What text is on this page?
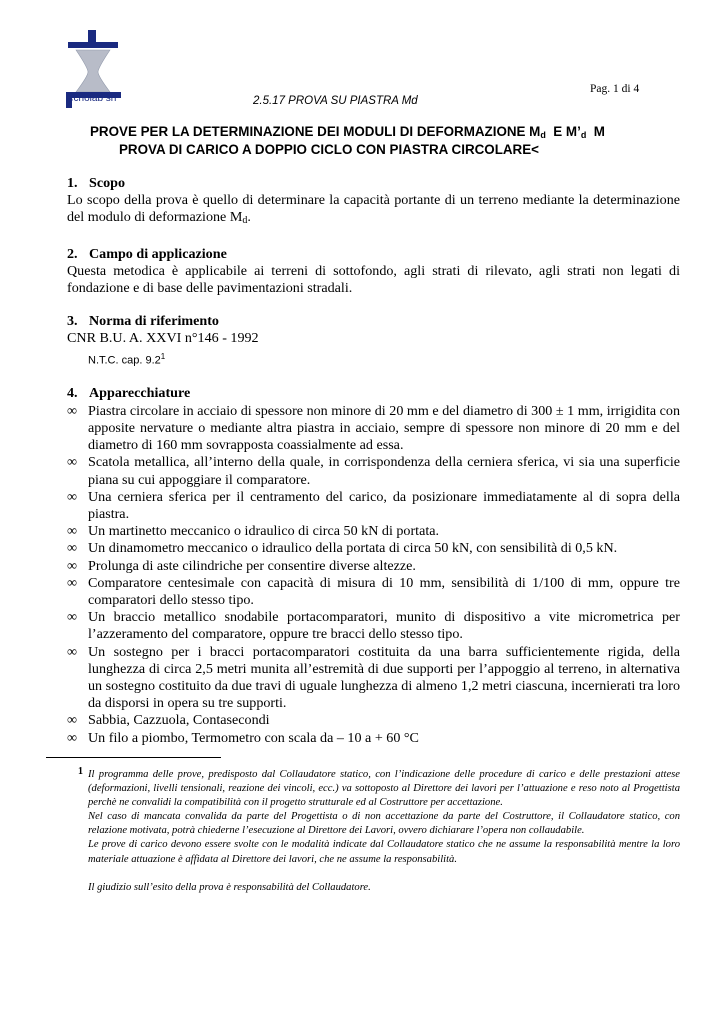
ecnolab srl
Pag. 1 di 4
2.5.17 PROVA SU PIASTRA Md
PROVE PER LA DETERMINAZIONE DEI MODULI DI DEFORMAZIONE $M_d$  E $M’_d$  M
PROVA DI CARICO A DOPPIO CICLO CON PIASTRA CIRCOLARE<
1. Scopo
Lo scopo della prova è quello di determinare la capacità portante di un terreno mediante la determinazione del modulo di deformazione Md.
2. Campo di applicazione
Questa metodica è applicabile ai terreni di sottofondo, agli strati di rilevato, agli strati non legati di fondazione e di base delle pavimentazioni stradali.
3. Norma di riferimento
CNR B.U. A. XXVI n°146 - 1992
N.T.C. cap. $9.2^1$
4. Apparecchiature
∞ Piastra circolare in acciaio di spessore non minore di 20 mm e del diametro di 300 ± 1 mm, irrigidita con apposite nervature o mediante altra piastra in acciaio, sempre di spessore non minore di 20 mm e del diametro di 160 mm sovrapposta coassialmente ad essa.
∞ Scatola metallica, all’interno della quale, in corrispondenza della cerniera sferica, vi sia una superficie piana su cui appoggiare il comparatore.
∞ Una cerniera sferica per il centramento del carico, da posizionare immediatamente al di sopra della piastra.
∞ Un martinetto meccanico o idraulico di circa 50 kN di portata.
∞ Un dinamometro meccanico o idraulico della portata di circa 50 kN, con sensibilità di 0,5 kN.
∞ Prolunga di aste cilindriche per consentire diverse altezze.
∞ Comparatore centesimale con capacità di misura di 10 mm, sensibilità di 1/100 di mm, oppure tre comparatori dello stesso tipo.
∞ Un braccio metallico snodabile portacomparatori, munito di dispositivo a vite micrometrica per l’azzeramento del comparatore, oppure tre bracci dello stesso tipo.
∞ Un sostegno per i bracci portacomparatori costituita da una barra sufficientemente rigida, della lunghezza di circa 2,5 metri munita all’estremità di due supporti per l’appoggio al terreno, in alternativa un sostegno costituito da due travi di uguale lunghezza di almeno 1,2 metri ciascuna, incernierati tra loro da disporsi in opera su tre supporti.
∞ Sabbia, Cazzuola, Contasecondi
∞ Un filo a piombo, Termometro con scala da – 10 a + 60 °C
1 Il programma delle prove, predisposto dal Collaudatore statico, con l’indicazione delle procedure di carico e delle prestazioni attese (deformazioni, livelli tensionali, reazione dei vincoli, ecc.) va sottoposto al Direttore dei lavori per l’attuazione e reso noto al Progettista perchè ne convalidi la compatibilità con il progetto strutturale ed al Costruttore per accettazione.

Nel caso di mancata convalida da parte del Progettista o di non accettazione da parte del Costruttore, il Collaudatore statico, con relazione motivata, potrà chiederne l’esecuzione al Direttore dei Lavori, ovvero dichiarare l’opera non collaudabile.

Le prove di carico devono essere svolte con le modalità indicate dal Collaudatore statico che ne assume la responsabilità mentre la loro materiale attuazione è affidata al Direttore dei lavori, che ne assume la responsabilità.

Il giudizio sull’esito della prova è responsabilità del Collaudatore.
